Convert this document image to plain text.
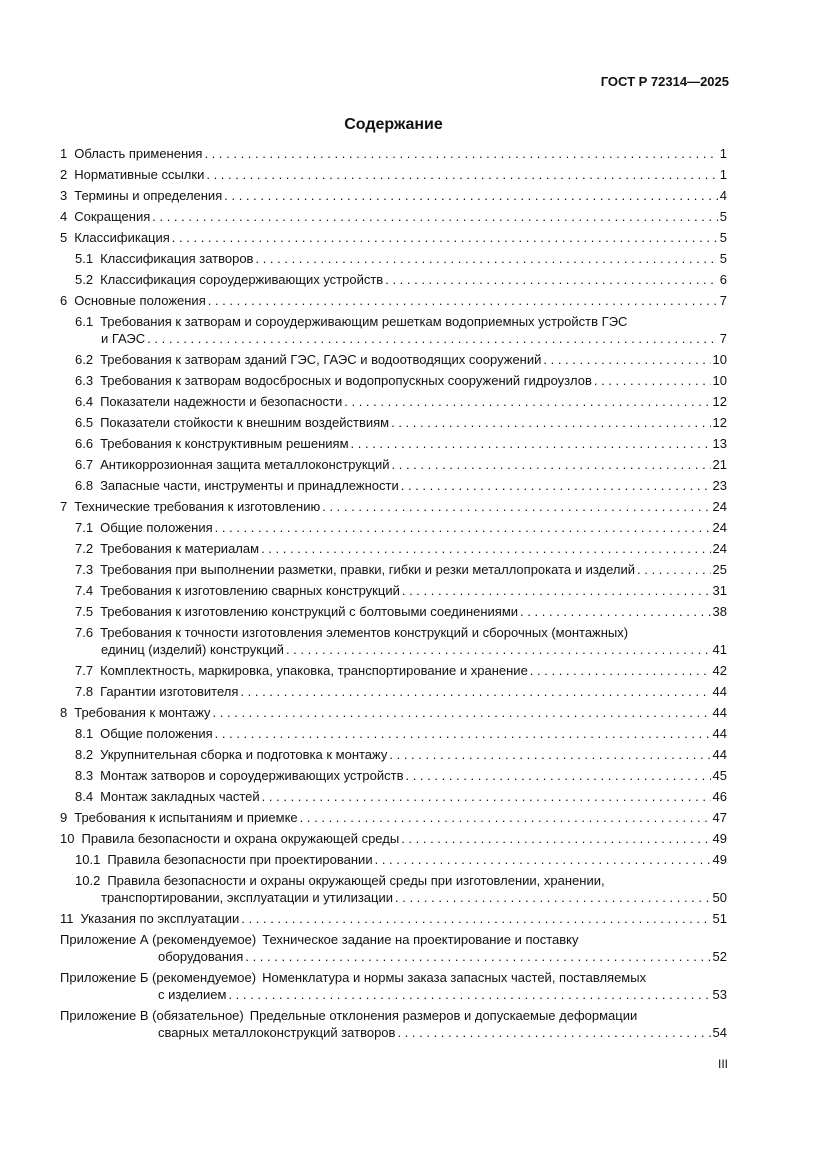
ГОСТ Р 72314—2025
Содержание
1 Область применения . . .	1
2 Нормативные ссылки . . .	1
3 Термины и определения . . .	4
4 Сокращения . . .	5
5 Классификация . . .	5
5.1 Классификация затворов . . .	5
5.2 Классификация сороудерживающих устройств . . .	6
6 Основные положения . . .	7
6.1 Требования к затворам и сороудерживающим решеткам водоприемных устройств ГЭС
и ГАЭС . . .	7
6.2 Требования к затворам зданий ГЭС, ГАЭС и водоотводящих сооружений . . .	10
6.3 Требования к затворам водосбросных и водопропускных сооружений гидроузлов . . .	10
6.4 Показатели надежности и безопасности . . .	12
6.5 Показатели стойкости к внешним воздействиям . . .	12
6.6 Требования к конструктивным решениям . . .	13
6.7 Антикоррозионная защита металлоконструкций . . .	21
6.8 Запасные части, инструменты и принадлежности . . .	23
7 Технические требования к изготовлению . . .	24
7.1 Общие положения . . .	24
7.2 Требования к материалам . . .	24
7.3 Требования при выполнении разметки, правки, гибки и резки металлопроката и изделий . . .	25
7.4 Требования к изготовлению сварных конструкций . . .	31
7.5 Требования к изготовлению конструкций с болтовыми соединениями . . .	38
7.6 Требования к точности изготовления элементов конструкций и сборочных (монтажных)
единиц (изделий) конструкций . . .	41
7.7 Комплектность, маркировка, упаковка, транспортирование и хранение . . .	42
7.8 Гарантии изготовителя . . .	44
8 Требования к монтажу . . .	44
8.1 Общие положения . . .	44
8.2 Укрупнительная сборка и подготовка к монтажу . . .	44
8.3 Монтаж затворов и сороудерживающих устройств . . .	45
8.4 Монтаж закладных частей . . .	46
9 Требования к испытаниям и приемке . . .	47
10 Правила безопасности и охрана окружающей среды . . .	49
10.1 Правила безопасности при проектировании . . .	49
10.2 Правила безопасности и охраны окружающей среды при изготовлении, хранении,
транспортировании, эксплуатации и утилизации . . .	50
11 Указания по эксплуатации . . .	51
Приложение А (рекомендуемое) Техническое задание на проектирование и поставку
оборудования . . .	52
Приложение Б (рекомендуемое) Номенклатура и нормы заказа запасных частей, поставляемых
с изделием . . .	53
Приложение В (обязательное) Предельные отклонения размеров и допускаемые деформации
сварных металлоконструкций затворов . . .	54
III
